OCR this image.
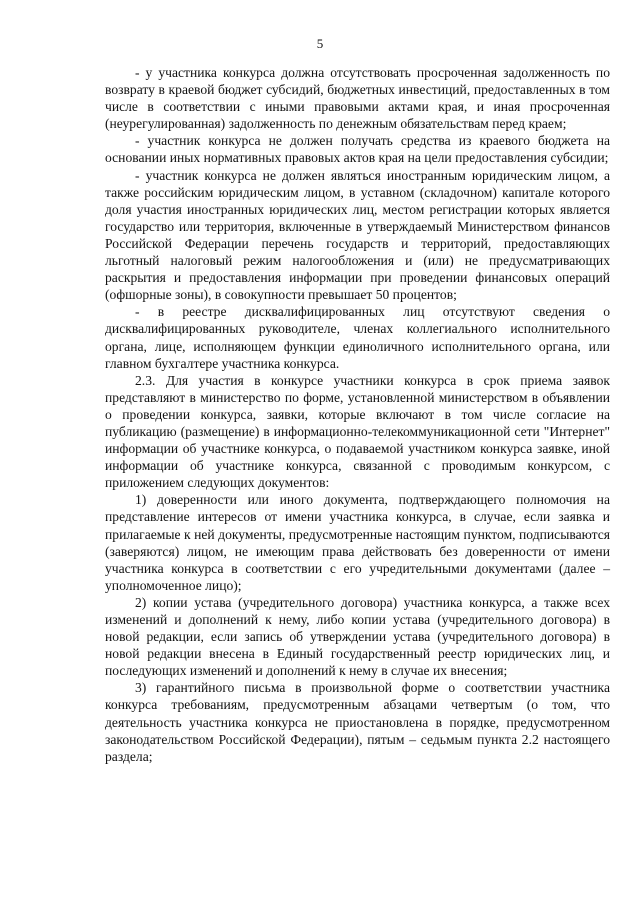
5

- у участника конкурса должна отсутствовать просроченная задолженность по возврату в краевой бюджет субсидий, бюджетных инвестиций, предоставленных в том числе в соответствии с иными правовыми актами края, и иная просроченная (неурегулированная) задолженность по денежным обязательствам перед краем;

- участник конкурса не должен получать средства из краевого бюджета на основании иных нормативных правовых актов края на цели предоставления субсидии;

- участник конкурса не должен являться иностранным юридическим лицом, а также российским юридическим лицом, в уставном (складочном) капитале которого доля участия иностранных юридических лиц, местом регистрации которых является государство или территория, включенные в утверждаемый Министерством финансов Российской Федерации перечень государств и территорий, предоставляющих льготный налоговый режим налогообложения и (или) не предусматривающих раскрытия и предоставления информации при проведении финансовых операций (офшорные зоны), в совокупности превышает 50 процентов;

- в реестре дисквалифицированных лиц отсутствуют сведения о дисквалифицированных руководителе, членах коллегиального исполнительного органа, лице, исполняющем функции единоличного исполнительного органа, или главном бухгалтере участника конкурса.

2.3. Для участия в конкурсе участники конкурса в срок приема заявок представляют в министерство по форме, установленной министерством в объявлении о проведении конкурса, заявки, которые включают в том числе согласие на публикацию (размещение) в информационно-телекоммуникационной сети "Интернет" информации об участнике конкурса, о подаваемой участником конкурса заявке, иной информации об участнике конкурса, связанной с проводимым конкурсом, с приложением следующих документов:

1) доверенности или иного документа, подтверждающего полномочия на представление интересов от имени участника конкурса, в случае, если заявка и прилагаемые к ней документы, предусмотренные настоящим пунктом, подписываются (заверяются) лицом, не имеющим права действовать без доверенности от имени участника конкурса в соответствии с его учредительными документами (далее – уполномоченное лицо);

2) копии устава (учредительного договора) участника конкурса, а также всех изменений и дополнений к нему, либо копии устава (учредительного договора) в новой редакции, если запись об утверждении устава (учредительного договора) в новой редакции внесена в Единый государственный реестр юридических лиц, и последующих изменений и дополнений к нему в случае их внесения;

3) гарантийного письма в произвольной форме о соответствии участника конкурса требованиям, предусмотренным абзацами четвертым (о том, что деятельность участника конкурса не приостановлена в порядке, предусмотренном законодательством Российской Федерации), пятым – седьмым пункта 2.2 настоящего раздела;
